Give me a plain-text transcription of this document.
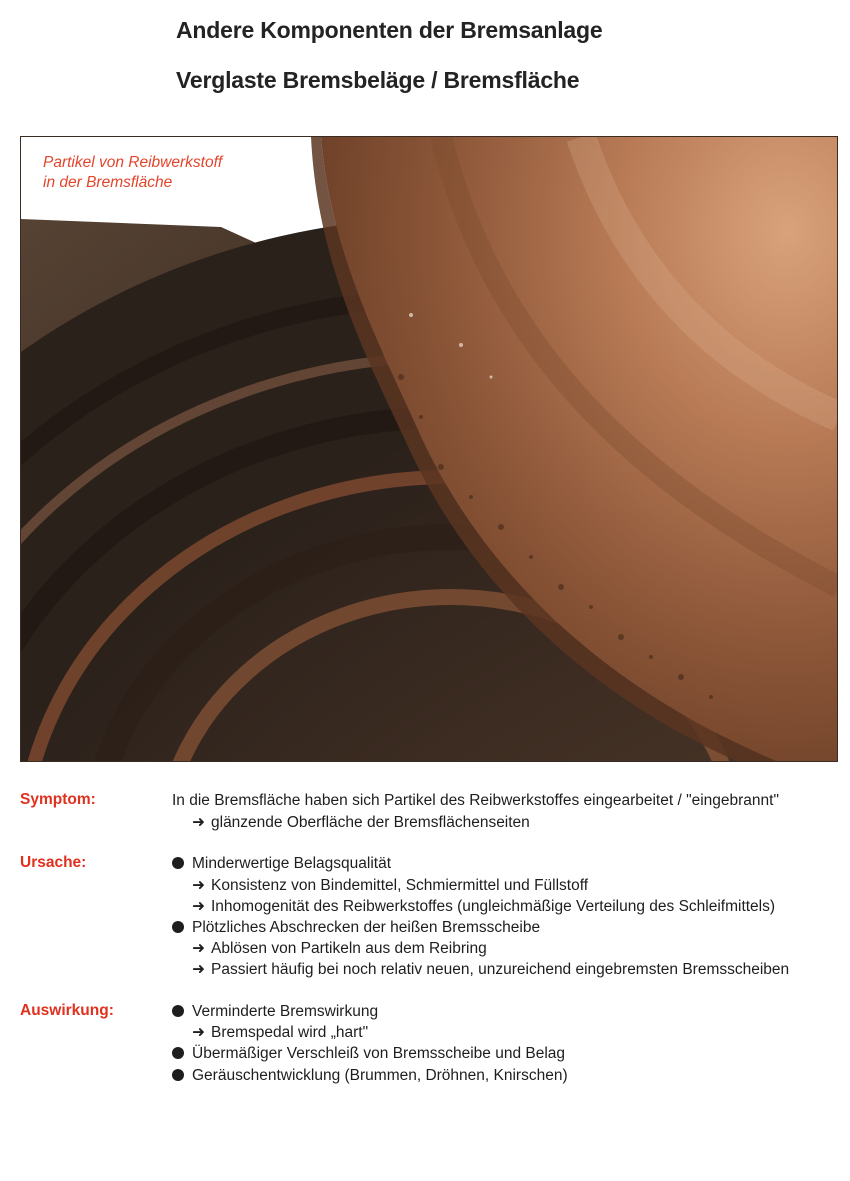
Andere Komponenten der Bremsanlage
Verglaste Bremsbeläge / Bremsfläche
Partikel von Reibwerkstoff
in der Bremsfläche
Symptom:	In die Bremsfläche haben sich Partikel des Reibwerkstoffes eingearbeitet / "eingebrannt"
➜ glänzende Oberfläche der Bremsflächenseiten
Ursache:	Minderwertige Belagsqualität
➜ Konsistenz von Bindemittel, Schmiermittel und Füllstoff
➜ Inhomogenität des Reibwerkstoffes (ungleichmäßige Verteilung des Schleifmittels)
Plötzliches Abschrecken der heißen Bremsscheibe
➜ Ablösen von Partikeln aus dem Reibring
➜ Passiert häufig bei noch relativ neuen, unzureichend eingebremsten Bremsscheiben
Auswirkung:	Verminderte Bremswirkung
➜ Bremspedal wird „hart"
Übermäßiger Verschleiß von Bremsscheibe und Belag
Geräuschentwicklung (Brummen, Dröhnen, Knirschen)
